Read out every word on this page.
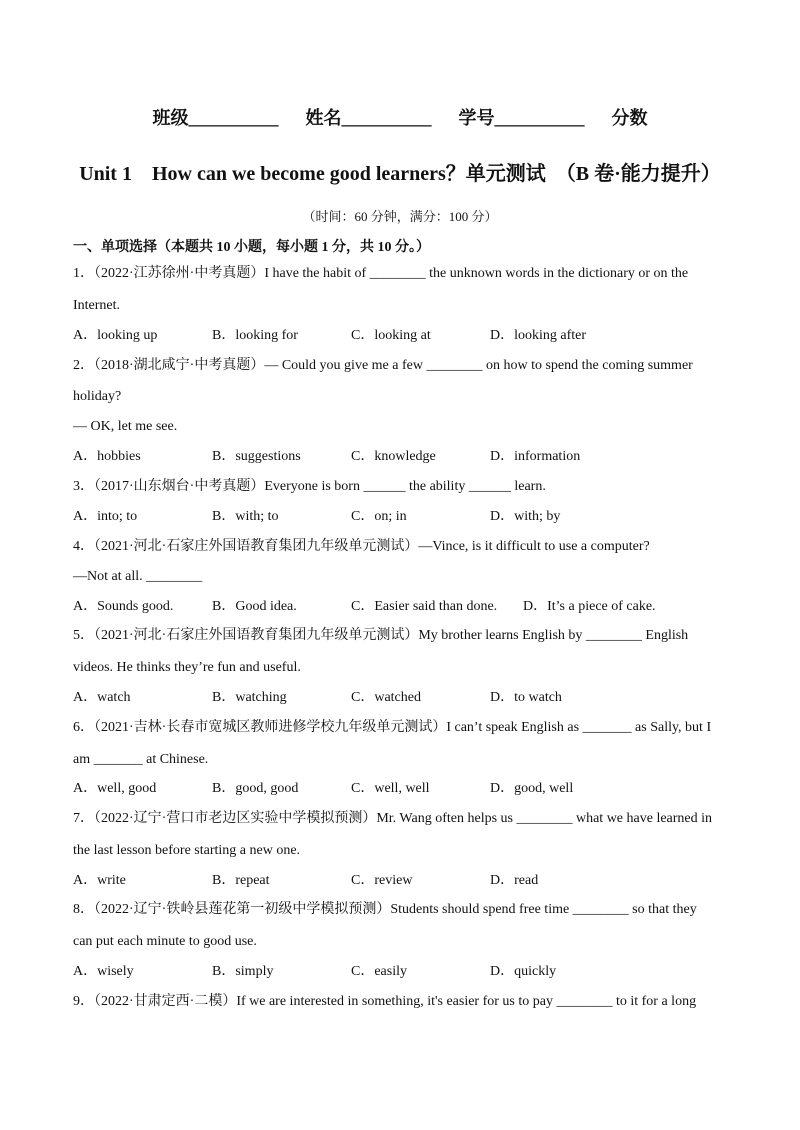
班级__________      姓名__________      学号__________      分数
Unit 1    How can we become good learners？单元测试  （B 卷·能力提升）
（时间：60 分钟，满分：100 分）
一、单项选择（本题共 10 小题，每小题 1 分，共 10 分。）
1．（2022·江苏徐州·中考真题）I have the habit of ________ the unknown words in the dictionary or on the
Internet.
A．looking up	B．looking for	C．looking at	D．looking after
2．（2018·湖北咸宁·中考真题）— Could you give me a few ________ on how to spend the coming summer
holiday?
— OK, let me see.
A．hobbies	B．suggestions	C．knowledge	D．information
3．（2017·山东烟台·中考真题）Everyone is born ______ the ability ______ learn.
A．into; to	B．with; to	C．on; in	D．with; by
4．（2021·河北·石家庄外国语教育集团九年级单元测试）—Vince, is it difficult to use a computer?
—Not at all. ________
A．Sounds good.	B．Good idea.	C．Easier said than done. D．It’s a piece of cake.
5．（2021·河北·石家庄外国语教育集团九年级单元测试）My brother learns English by ________ English
videos. He thinks they’re fun and useful.
A．watch	B．watching	C．watched	D．to watch
6．（2021·吉林·长春市宽城区教师进修学校九年级单元测试）I can’t speak English as _______ as Sally, but I
am _______ at Chinese.
A．well, good	B．good, good	C．well, well	D．good, well
7．（2022·辽宁·营口市老边区实验中学模拟预测）Mr. Wang often helps us ________ what we have learned in
the last lesson before starting a new one.
A．write	B．repeat	C．review	D．read
8．（2022·辽宁·铁岭县莲花第一初级中学模拟预测）Students should spend free time ________ so that they
can put each minute to good use.
A．wisely	B．simply	C．easily	D．quickly
9．（2022·甘肃定西·二模）If we are interested in something, it's easier for us to pay ________ to it for a long
